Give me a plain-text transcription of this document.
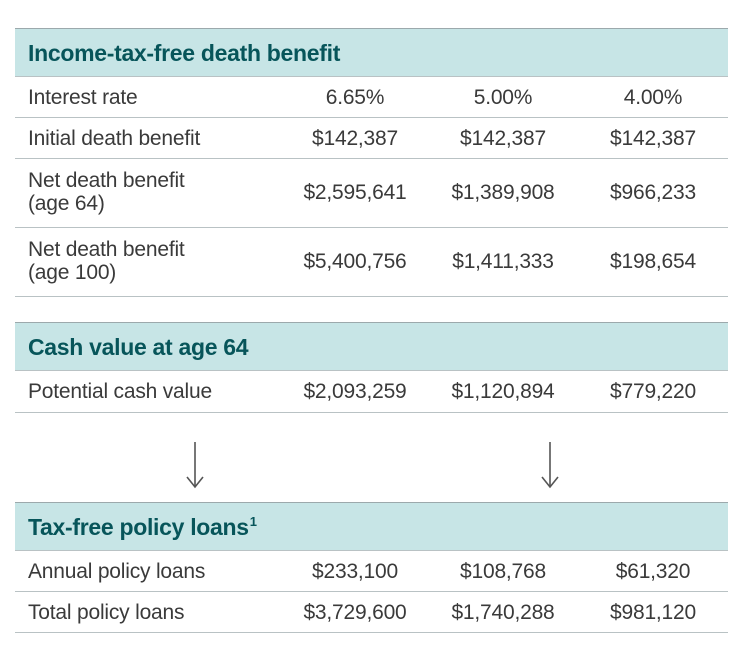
Income-tax-free death benefit
Interest rate	6.65%	5.00%	4.00%
Initial death benefit	$142,387	$142,387	$142,387
Net death benefit
(age 64)	$2,595,641	$1,389,908	$966,233
Net death benefit
(age 100)	$5,400,756	$1,411,333	$198,654
Cash value at age 64
Potential cash value	$2,093,259	$1,120,894	$779,220
Tax-free policy loans$^1$
Annual policy loans	$233,100	$108,768	$61,320
Total policy loans	$3,729,600	$1,740,288	$981,120
